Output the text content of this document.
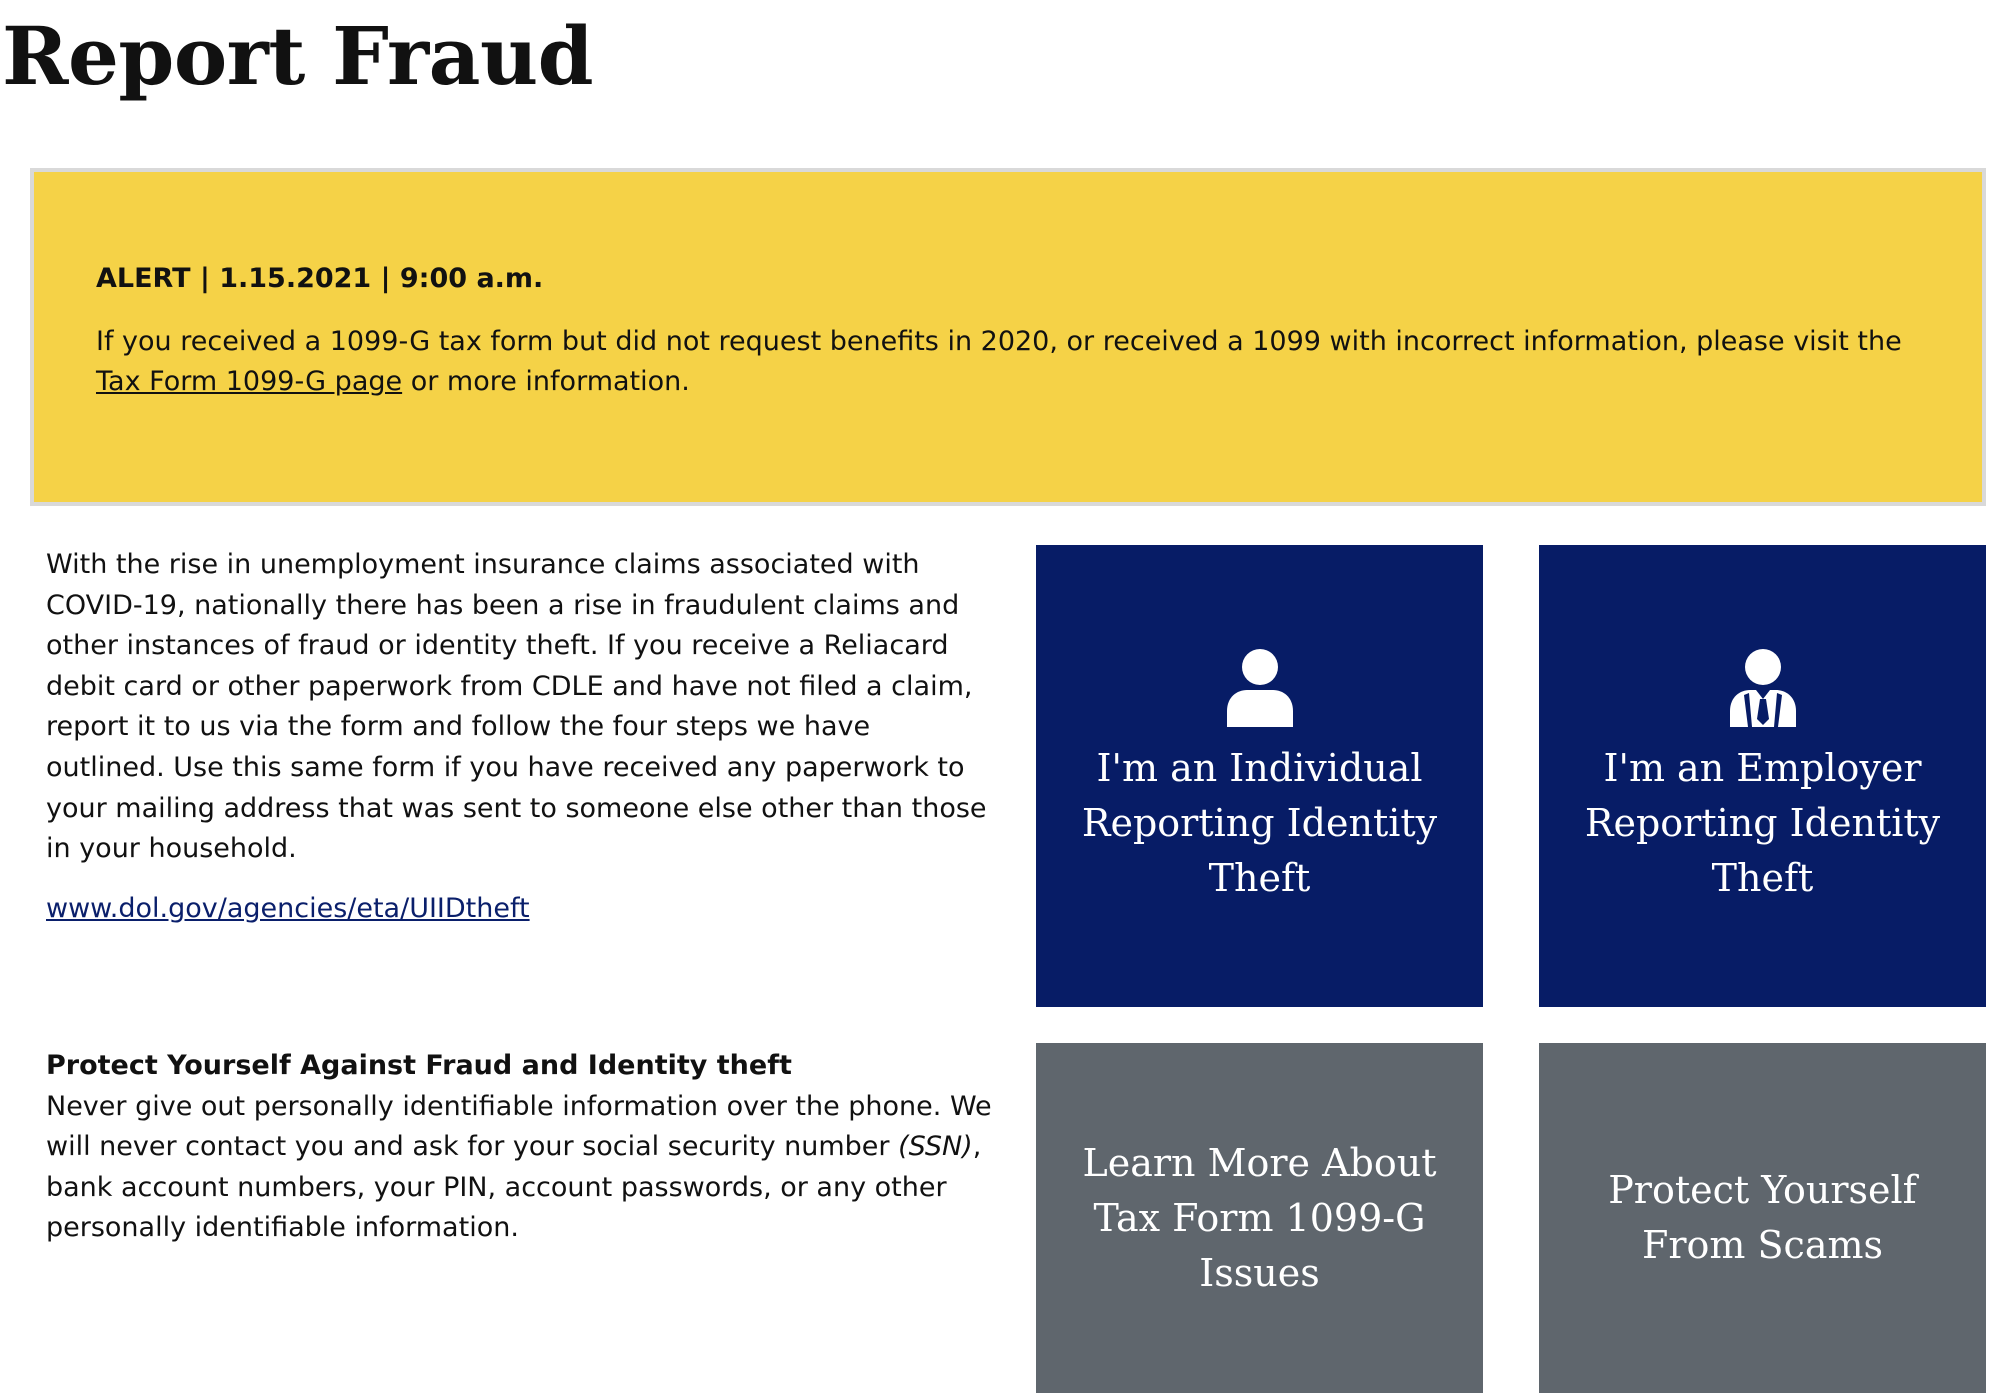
Report Fraud
ALERT | 1.15.2021 | 9:00 a.m.

If you received a 1099-G tax form but did not request benefits in 2020, or received a 1099 with incorrect information, please visit the Tax Form 1099-G page or more information.

With the rise in unemployment insurance claims associated with COVID-19, nationally there has been a rise in fraudulent claims and other instances of fraud or identity theft. If you receive a Reliacard debit card or other paperwork from CDLE and have not filed a claim, report it to us via the form and follow the four steps we have outlined. Use this same form if you have received any paperwork to your mailing address that was sent to someone else other than those in your household.

www.dol.gov/agencies/eta/UIIDtheft
Protect Yourself Against Fraud and Identity theft

Never give out personally identifiable information over the phone. We will never contact you and ask for your social security number (SSN), bank account numbers, your PIN, account passwords, or any other personally identifiable information.

I'm an Individual Reporting Identity Theft
I'm an Employer Reporting Identity Theft
Learn More About Tax Form 1099-G Issues
Protect Yourself From Scams
